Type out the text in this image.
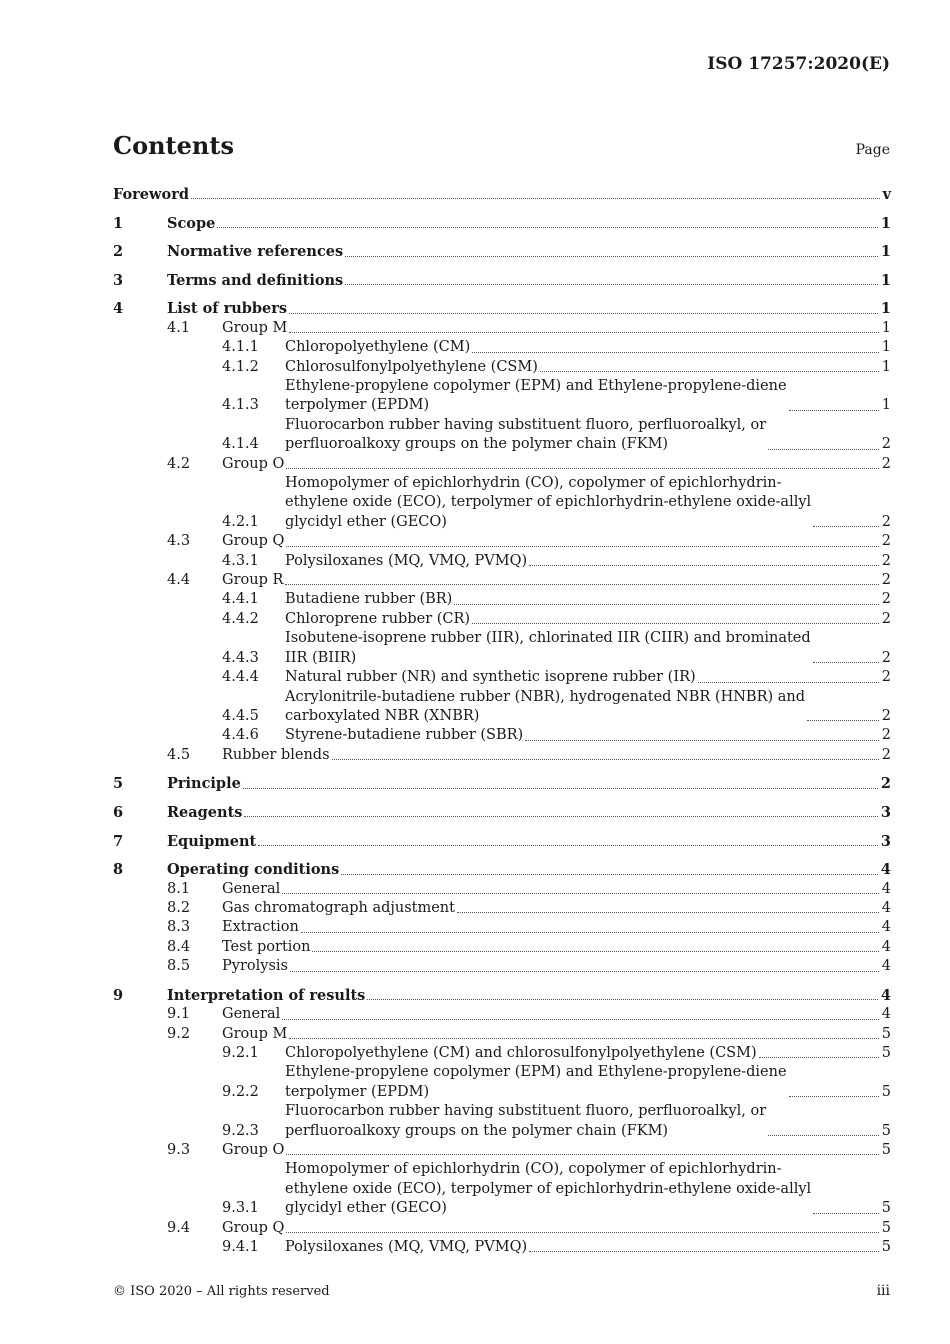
ISO 17257:2020(E)
Contents	Page
Foreword	v
1	Scope	1
2	Normative references	1
3	Terms and definitions	1
4	List of rubbers	1
4.1 Group M	1
4.1.1 Chloropolyethylene (CM)	1
4.1.2 Chlorosulfonylpolyethylene (CSM)	1
4.1.3
Ethylene-propylene copolymer (EPM) and Ethylene-propylene-diene
terpolymer (EPDM)	1
4.1.4
Fluorocarbon rubber having substituent fluoro, perfluoroalkyl, or
perfluoroalkoxy groups on the polymer chain (FKM)	2
4.2 Group O	2
4.2.1
Homopolymer of epichlorhydrin (CO), copolymer of epichlorhydrin-
ethylene oxide (ECO), terpolymer of epichlorhydrin-ethylene oxide-allyl
glycidyl ether (GECO)	2
4.3 Group Q	2
4.3.1 Polysiloxanes (MQ, VMQ, PVMQ)	2
4.4 Group R	2
4.4.1 Butadiene rubber (BR)	2
4.4.2 Chloroprene rubber (CR)	2
4.4.3
Isobutene-isoprene rubber (IIR), chlorinated IIR (CIIR) and brominated
IIR (BIIR)	2
4.4.4 Natural rubber (NR) and synthetic isoprene rubber (IR)	2
4.4.5
Acrylonitrile-butadiene rubber (NBR), hydrogenated NBR (HNBR) and
carboxylated NBR (XNBR)	2
4.4.6 Styrene-butadiene rubber (SBR)	2
4.5 Rubber blends	2
5	Principle	2
6	Reagents	3
7	Equipment	3
8	Operating conditions	4
8.1 General	4
8.2 Gas chromatograph adjustment	4
8.3 Extraction	4
8.4 Test portion	4
8.5 Pyrolysis	4
9	Interpretation of results	4
9.1 General	4
9.2 Group M	5
9.2.1 Chloropolyethylene (CM) and chlorosulfonylpolyethylene (CSM)	5
9.2.2
Ethylene-propylene copolymer (EPM) and Ethylene-propylene-diene
terpolymer (EPDM)	5
9.2.3
Fluorocarbon rubber having substituent fluoro, perfluoroalkyl, or
perfluoroalkoxy groups on the polymer chain (FKM)	5
9.3 Group O	5
9.3.1
Homopolymer of epichlorhydrin (CO), copolymer of epichlorhydrin-
ethylene oxide (ECO), terpolymer of epichlorhydrin-ethylene oxide-allyl
glycidyl ether (GECO)	5
9.4 Group Q	5
9.4.1 Polysiloxanes (MQ, VMQ, PVMQ)	5
© ISO 2020 – All rights reserved	iii
